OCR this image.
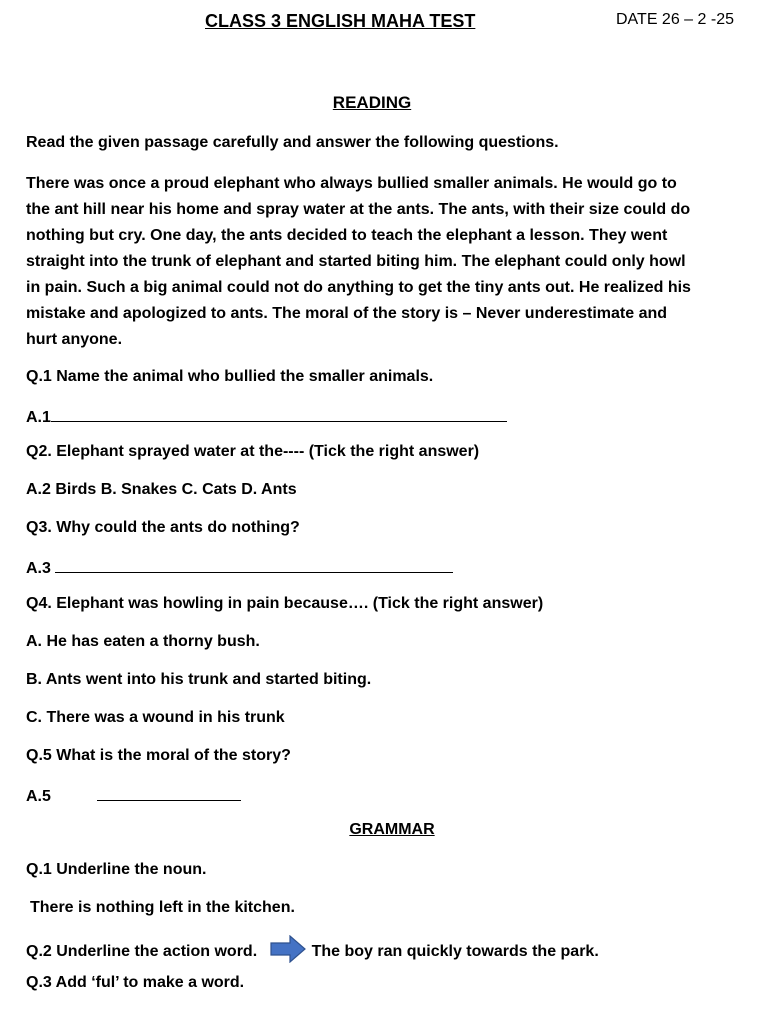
CLASS 3 ENGLISH MAHA TEST	DATE 26 – 2 -25
READING
Read the given passage carefully and answer the following questions.
There was once a proud elephant who always bullied smaller animals. He would go to
the ant hill near his home and spray water at the ants. The ants, with their size could do
nothing but cry. One day, the ants decided to teach the elephant a lesson. They went
straight into the trunk of elephant and started biting him. The elephant could only howl
in pain. Such a big animal could not do anything to get the tiny ants out. He realized his
mistake and apologized to ants. The moral of the story is – Never underestimate and
hurt anyone.
Q.1 Name the animal who bullied the smaller animals.
A.1
Q2. Elephant sprayed water at the---- (Tick the right answer)
A.2 Birds B. Snakes C. Cats D. Ants
Q3. Why could the ants do nothing?
A.3
Q4. Elephant was howling in pain because…. (Tick the right answer)
A. He has eaten a thorny bush.
B. Ants went into his trunk and started biting.
C. There was a wound in his trunk
Q.5 What is the moral of the story?
A.5
GRAMMAR
Q.1 Underline the noun.
There is nothing left in the kitchen.
Q.2 Underline the action word.	The boy ran quickly towards the park.
Q.3 Add ‘ful’ to make a word.
